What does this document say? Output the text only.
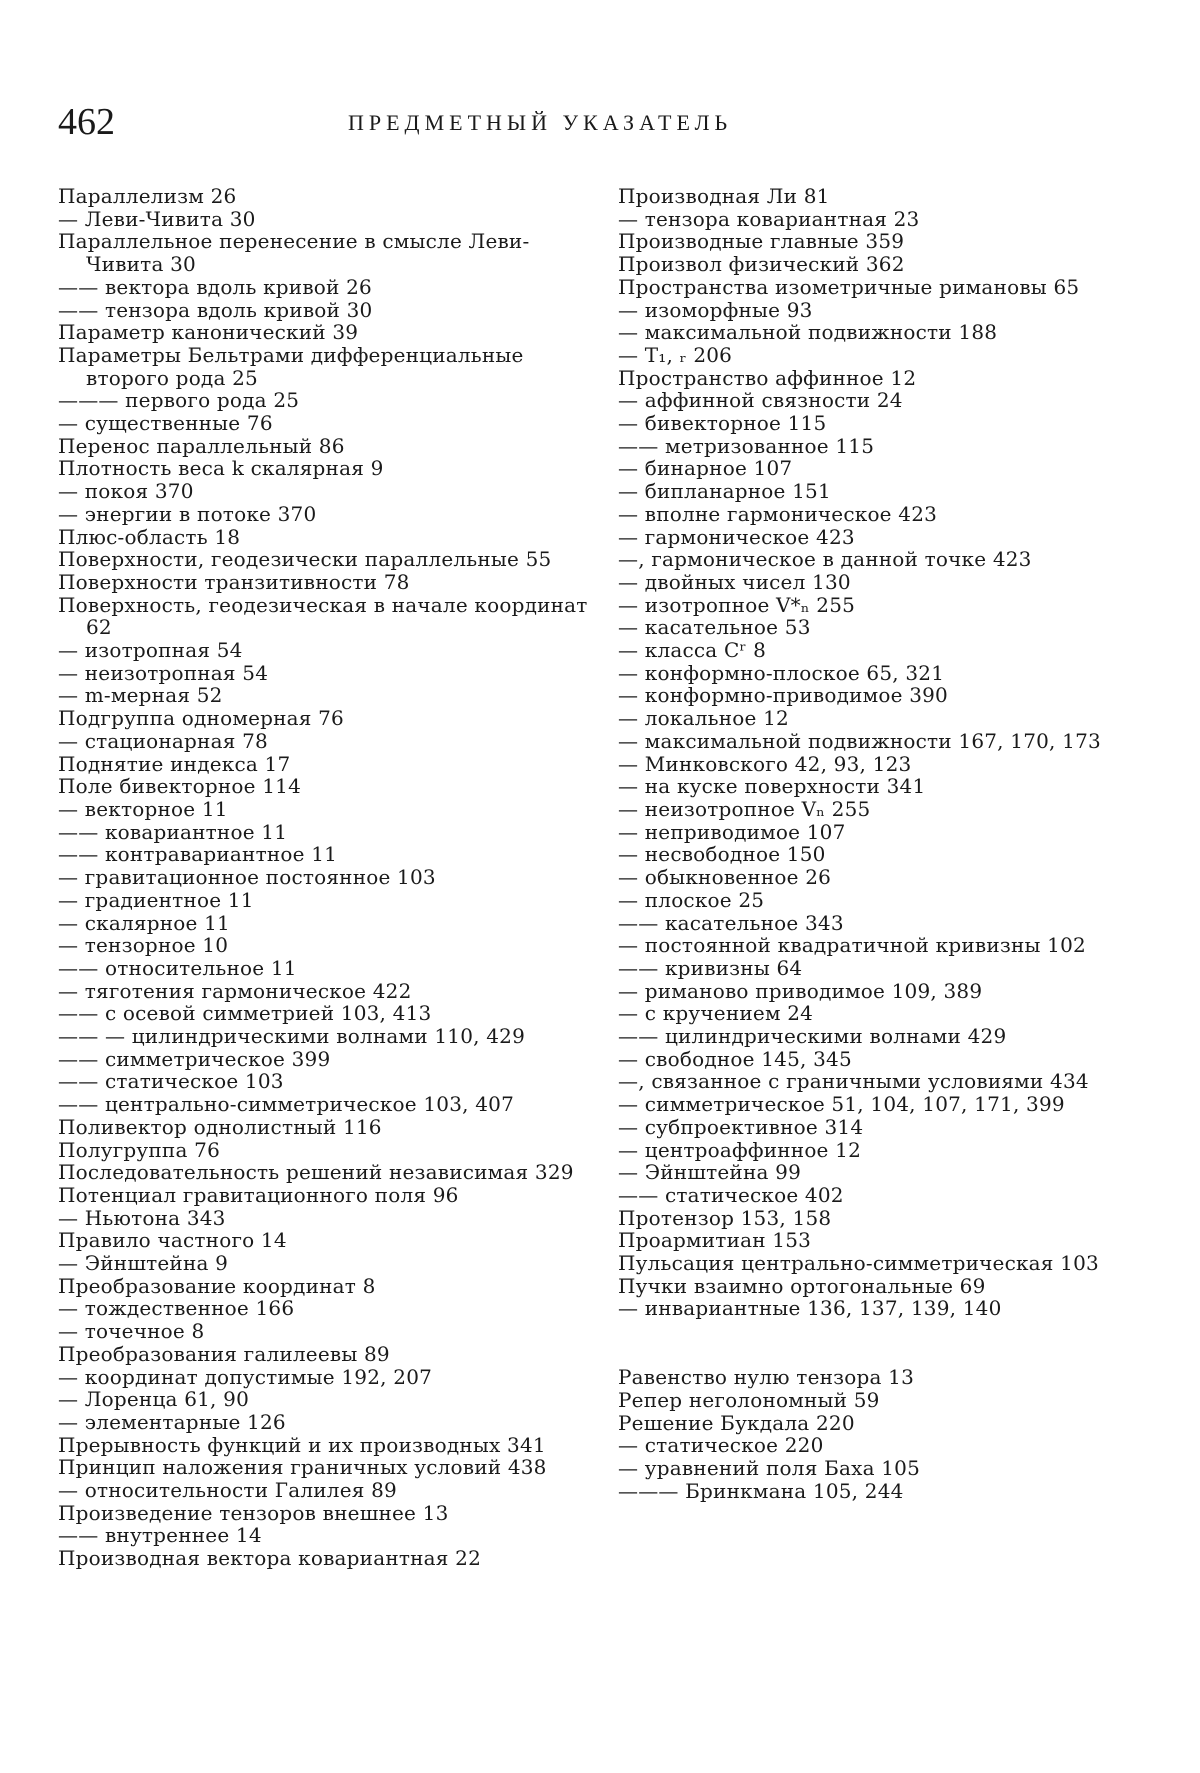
462	ПРЕДМЕТНЫЙ УКАЗАТЕЛЬ
Параллелизм 26
— Леви-Чивита 30
Параллельное перенесение в смысле Леви-Чивита 30
—— вектора вдоль кривой 26
—— тензора вдоль кривой 30
Параметр канонический 39
Параметры Бельтрами дифференциальные второго рода 25
——— первого рода 25
— существенные 76
Перенос параллельный 86
Плотность веса k скалярная 9
— покоя 370
— энергии в потоке 370
Плюс-область 18
Поверхности, геодезически параллельные 55
Поверхности транзитивности 78
Поверхность, геодезическая в начале координат 62
— изотропная 54
— неизотропная 54
— m-мерная 52
Подгруппа одномерная 76
— стационарная 78
Поднятие индекса 17
Поле бивекторное 114
— векторное 11
—— ковариантное 11
—— контравариантное 11
— гравитационное постоянное 103
— градиентное 11
— скалярное 11
— тензорное 10
—— относительное 11
— тяготения гармоническое 422
—— с осевой симметрией 103, 413
—— — цилиндрическими волнами 110, 429
—— симметрическое 399
—— статическое 103
—— центрально-симметрическое 103, 407
Поливектор однолистный 116
Полугруппа 76
Последовательность решений независимая 329
Потенциал гравитационного поля 96
— Ньютона 343
Правило частного 14
— Эйнштейна 9
Преобразование координат 8
— тождественное 166
— точечное 8
Преобразования галилеевы 89
— координат допустимые 192, 207
— Лоренца 61, 90
— элементарные 126
Прерывность функций и их производных 341
Принцип наложения граничных условий 438
— относительности Галилея 89
Произведение тензоров внешнее 13
—— внутреннее 14
Производная вектора ковариантная 22
Производная Ли 81
— тензора ковариантная 23
Производные главные 359
Произвол физический 362
Пространства изометричные римановы 65
— изоморфные 93
— максимальной подвижности 188
— T₁, ᵣ 206
Пространство аффинное 12
— аффинной связности 24
— бивекторное 115
—— метризованное 115
— бинарное 107
— бипланарное 151
— вполне гармоническое 423
— гармоническое 423
—, гармоническое в данной точке 423
— двойных чисел 130
— изотропное V*ₙ 255
— касательное 53
— класса Cʳ 8
— конформно-плоское 65, 321
— конформно-приводимое 390
— локальное 12
— максимальной подвижности 167, 170, 173
— Минковского 42, 93, 123
— на куске поверхности 341
— неизотропное Vₙ 255
— неприводимое 107
— несвободное 150
— обыкновенное 26
— плоское 25
—— касательное 343
— постоянной квадратичной кривизны 102
—— кривизны 64
— риманово приводимое 109, 389
— с кручением 24
—— цилиндрическими волнами 429
— свободное 145, 345
—, связанное с граничными условиями 434
— симметрическое 51, 104, 107, 171, 399
— субпроективное 314
— центроаффинное 12
— Эйнштейна 99
—— статическое 402
Протензор 153, 158
Проармитиан 153
Пульсация центрально-симметрическая 103
Пучки взаимно ортогональные 69
— инвариантные 136, 137, 139, 140
Равенство нулю тензора 13
Репер неголономный 59
Решение Букдала 220
— статическое 220
— уравнений поля Баха 105
——— Бринкмана 105, 244
